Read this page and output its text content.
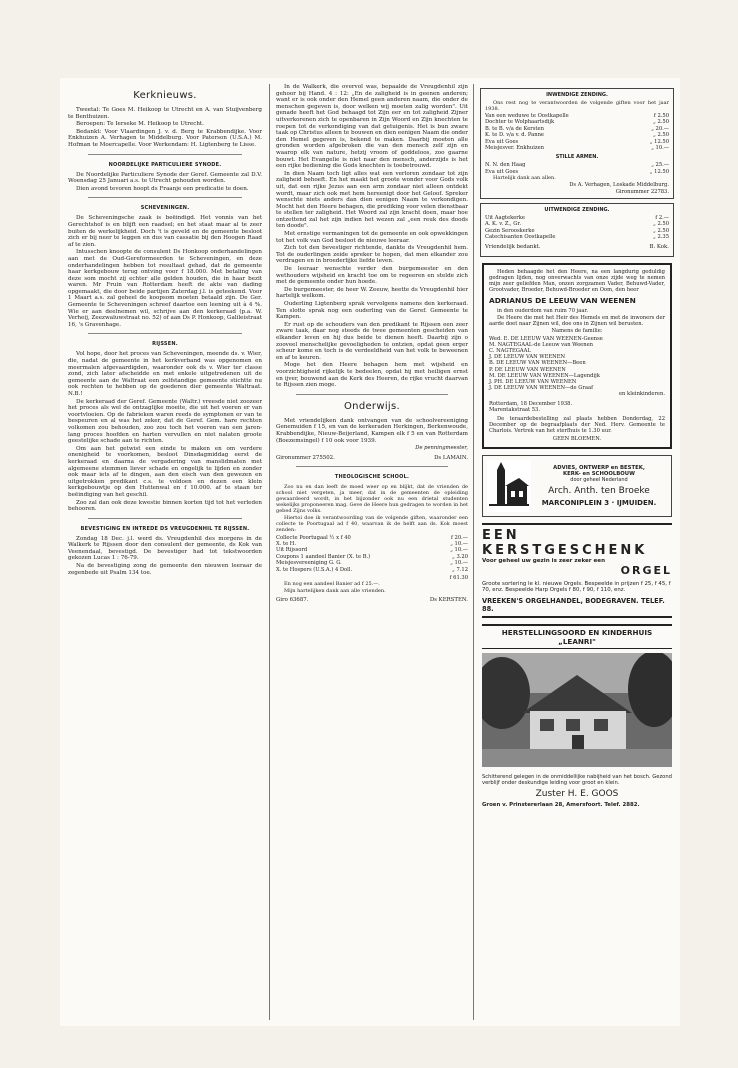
Kerknieuws.

Tweetal: Te Goes M. Heikoop te Utrecht en A. van Stuijvenberg te Benthuizen.

Beroepen: Te Ierseke M. Heikoop te Utrecht.

Bedankt: Voor Vlaardingen J. v. d. Berg te Krabbendijke. Voor Enkhuizen A. Verhagen te Middelburg. Voor Paterson (U.S.A.) M. Hofman te Moercapelle. Voor Werkendam: H. Ligtenberg te Lisse.

NOORDELIJKE PARTICULIERE SYNODE.

De Noordelijke Particuliere Synode der Geref. Gemeente zal D.V. Woensdag 25 Januari a.s. te Utrecht gehouden worden.

Dien avond tevoren hoopt ds Fraanje een predicatie te doen.

SCHEVENINGEN.

De Scheveningsche zaak is beëindigd. Het vonnis van het Gerechtshof is en blijft een raadsel; en het staat maar al te zeer buiten de werkelijkheid. Doch 't is geveld en de gemeente besloot zich er bij neer te leggen en dus van cassatie bij den Hoogen Raad af te zien.

Intusschen knoopte de consulent Ds Honkoop onderhandelingen aan met de Oud-Gereformeerden te Scheveningen, en deze onderhandelingen hebben tot resultaat gehad, dat de gemeente haar kerkgebouw terug ontving voor f 18.000. Met betaling van deze som mocht zij echter alle gelden houden, die in haar bezit waren. Mr Fruin van Rotterdam heeft de akte van dading opgemaakt, die door beide partijen Zaterdag j.l. is geteekend. Voor 1 Maart a.s. zal geheel de koopsom moeten betaald zijn. De Ger. Gemeente te Scheveningen schreef daartoe een leening uit à 4 %. Wie er aan deelnemen wil, schrijve aan den kerkeraad (p.a. W. Verheij, Zeezwaluwstraat no. 52) of aan Ds P. Honkoop, Galileistraat 16, 's Gravenhage.

RIJSSEN.

Vol hope, door het proces van Scheveningen, meende ds. v. Wier, die, nadat de gemeente in het kerkverband was opgenomen en meermalen afgevaardigden, waaronder ook ds v. Wier ter classe zond, zich later afscheidde en met enkele uitgetredenen uit de gemeente aan de Waltraat een zelfstandige gemeente stichtte nu ook rechten te hebben op de goederen dier gemeente Waltraat. N.B.!

De kerkeraad der Geref. Gemeente (Waltr.) vreesde niet zoozeer het proces als wel de ontzaglijke moeite, die uit het voeren er van voortvloeien. Op de fabrieken waren reeds de symptonen er van te bespeuren en al was het zeker, dat de Geref. Gem. hare rechten volkomen zou behouden, zoo zou toch het voeren van een jaren-lang proces hoofden en harten vervullen en niet nalaten groote geestelijke schade aan te richten.

Om aan het getwist een einde te maken en om verdere onenigheid te voorkomen, besloot Dinsdagmiddag eerst de kerkeraad en daarna de vergadering van manslidmaten met algemeene stemmen liever schade en ongelijk te lijden en zonder ook maar iets af te dingen, aan den eisch van den gewezen en uitgetrokken predikant c.s. te voldoen en dezen een klein kerkgebouwtje op den Huttenwal en f 10.000. af te staan ter beëindiging van het geschil.

Zoo zal dan ook deze kwestie binnen korten tijd tot het verleden behooren.

BEVESTIGING EN INTREDE DS VREUGDENHIL TE RIJSSEN.

Zondag 18 Dec. j.l. werd ds. Vreugdenhil des morgens in de Walkerk te Rijssen door den consulent der gemeente, ds Kok van Veenendaal, bevestigd. De bevestiger had tot tekstwoorden gekozen Lucas 1 : 76-79.

Na de bevestiging zong de gemeente den nieuwen leeraar de zegenbede uit Psalm 134 toe.

In de Walkerk, die overvol was, bepaalde de Vreugdenhil zijn gehoor bij Hand. 4 : 12: „En de zaligheid is in geenen anderen; want er is ook onder den Hemel geen anderen naam, die onder de menschen gegeven is, door welken wij moeten zalig worden". Uit genade heeft het God behaagd tot Zijn eer en tot zaligheid Zijner uitverkorenen zich te openbaren in Zijn Woord en Zijn knechten te roepen tot de verkondiging van dat getuigenis. Het is bun zware taak op Christus alleen te bouwen en dien eenigen Naam die onder den Hemel gegeven is, bekend te maken. Daarbij moeten alle gronden worden afgebroken die van den mensch zelf zijn en waarop elk van nature, hetzij vroom of goddeloos, zoo gaarne bouwt. Het Evangelie is niet naar den mensch, anderzijds is het een rijke bediening die Gods knechten is toebetrouwd.

In dien Naam toch ligt alles wat een verloren zondaar tot zijn zaligheid behoeft. En het maakt het groote wonder voor Gods volk uit, dat een rijke Jezus aan een arm zondaar niet alleen ontdekt wordt, maar zich ook met hem hereenigt door het Geloof. Spreker wenschte niets anders dan dien eenigen Naam te verkondigen. Mocht het den Heere behagen, die prediking voor velen dienstbaar te stellen ter zaligheid. Het Woord zal zijn kracht doen, maar hoe ontzettend zal het zijn indien het wezen zal „een reuk des doods ten doode".

Met ernstige vermaningen tot de gemeente en ook opwekkingen tot het volk van God besloot de nieuwe leeraar.

Zich tot den bevestiger richtende, dankte ds Vreugdenhil hem. Tot de ouderlingen zeide spreker te hopen, dat men elkander zou verdragen en in broederlijke liefde leven.

De leeraar wenschte verder den burgemeester en den wethouders wijsheid en kracht toe om te regeeren en stelde zich met de gemeente onder hun hoede.

De burgemeester, de heer W. Zeeuw, heette ds Vreugdenhil hier hartelijk welkom.

Ouderling Ligtenberg sprak vervolgens namens den kerkeraad. Ten slotte sprak nog een ouderling van de Geref. Gemeente te Kampen.

Er rust op de schouders van den predikant te Rijssen een zeer zware taak, daar nog steeds de twee gemeenten gescheiden van elkander leven en hij dus beide te dienen heeft. Daarbij zijn o zooveel menschelijke gevoeligheden te ontzien, opdat geen erger scheur kome en toch is de verdeeldheid van het volk te beweenen en af te keuren.

Moge het den Heere behagen hem met wijsheid en voorzichtigheid rijkelijk te bedeelen, opdat hij met heiligen ernst en ijver, bouwend aan de Kerk des Heeren, de rijke vrucht daarvan te Rijssen zien moge.

Onderwijs.

Met vriendelijken dank ontvangen van de schoolvereeniging Genemuiden f 15, en van de kerkeraden Herkingen, Berkenwoude, Krabbendijke, Nieuw-Beijerland, Kampen elk f 5 en van Rotterdam (Boezemsingel) f 10 ook voor 1939.

De penningmeester,

Gironummer 275502.	Ds LAMAIN.
THEOLOGISCHE SCHOOL.

Zoo nu en dan leeft de moed weer op en blijkt, dat de vrienden de school niet vergeten, ja meer, dat in de gemeenten de opleiding gewaardeerd wordt, in het bijzonder ook nu een drietal studenten wekelijks proponeeren mag. Geve de Heere hun gedragen te worden in het gebed Zijns volks.

Hiertoi doe ik verantwoording van de volgende giften, waaronder een collecte te Poortugaal ad f 40, waarvan ik de helft aan ds. Kok moest zenden:

Collecte Poortugaal ½ x f 40	f 20.—
X. te H.	„ 10.—
Uit Rijssord	„ 10.—
Coupons 1 aandeel Banier (X. te B.)	„ 3.20
Meisjesvereeniging G. G.	„ 10.—
X. te Hospers (U.S.A.) 4 Doll.	„ 7.12
f 61.30

En nog een aandeel Banier ad f 25.—.

Mijn hartelijken dank aan alle vrienden.

Giro 63687.	Ds KERSTEN.
INWENDIGE ZENDING.

Ons rest nog te verantwoorden de volgende giften voor het jaar 1938.

Van een weduwe te Oostkapelle	f 2.50
Dochter te Wolphaartsdijk	„ 2.50
B. te B. v/a de Kersten	„ 20.—
K. te D. v/a v. d. Panne	„ 2.50
Eva uit Goes	„ 12.50
Meisjesver. Enkhuizen	„ 10.—
STILLE ARMEN.
N. N. den Haag	„ 25.—
Eva uit Goes	„ 12.50

Hartelijk dank aan allen.

Ds A. Verhagen, Loskade Middelburg.

Gironummer 22783.

UITWENDIGE ZENDING.
Uit Aagtekerke	f 2.—
A. K. v. Z., Gr.	„ 2.50
Gezin Serooskerke	„ 2.50
Catechisanten Oostkapelle	„ 2.35
Vriendelijk bedankt.	B. Kok.

Heden behaagde het den Heere, na een langdurig geduldig gedragen lijden, nog onverwachts van onze zijde weg te nemen mijn zeer geliefden Man, onzen zorgzamen Vader, Behuwd-Vader, Grootvader, Broeder, Behuwd-Broeder en Oom, den heer

ADRIANUS DE LEEUW VAN WEENEN

in den ouderdom van ruim 70 jaar.

De Heere die met het Heir des Hemels en met de inwoners der aarde doet naar Zijnen wil, doe ons in Zijnen wil berusten.

Namens de familie:

Wed. E. DE LEEUW VAN WEENEN-Geense

M. NAGTEGAAL-de Leeuw van Weenen

C. NAGTEGAAL

J. DE LEEUW VAN WEENEN

B. DE LEEUW VAN WEENEN—Been

P. DE LEEUW VAN WEENEN

M. DE LEEUW VAN WEENEN—Lagendijk

J. PH. DE LEEUW VAN WEENEN

J. DE LEEUW VAN WEENEN—de Graaf

en kleinkinderen.

Rotterdam, 18 December 1938.

Marentakstraat 53.

De teraardebestelling zal plaats hebben Donderdag, 22 December op de begraafplaats der Ned. Herv. Gemeente te Charlois. Vertrek van het sterfhuis te 1.30 uur.

GEEN BLOEMEN.

ADVIES, ONTWERP en BESTEK,
KERK- en SCHOOLBOUW
door geheel Nederland
Arch. Anth. ten Broeke
MARCONIPLEIN 3 · IJMUIDEN.
EEN KERSTGESCHENK
Voor geheel uw gezin is zeer zeker een
ORGEL
Groote sortering le kl. nieuwe Orgels. Bespeelde in prijzen f 25, f 45, f 70, enz. Bespeelde Harp Orgels f 80, f 90, f 110, enz.
VREEKEN'S ORGELHANDEL, BODEGRAVEN. TELEF. 88.
HERSTELLINGSOORD EN KINDERHUIS „LEANRI"
Schitterend gelegen in de onmiddellijke nabijheid van het bosch. Gezond verblijf onder deskundige leiding voor groot en klein.
Zuster H. E. GOOS
Groen v. Prinstererlaan 28, Amersfoort. Telef. 2882.
